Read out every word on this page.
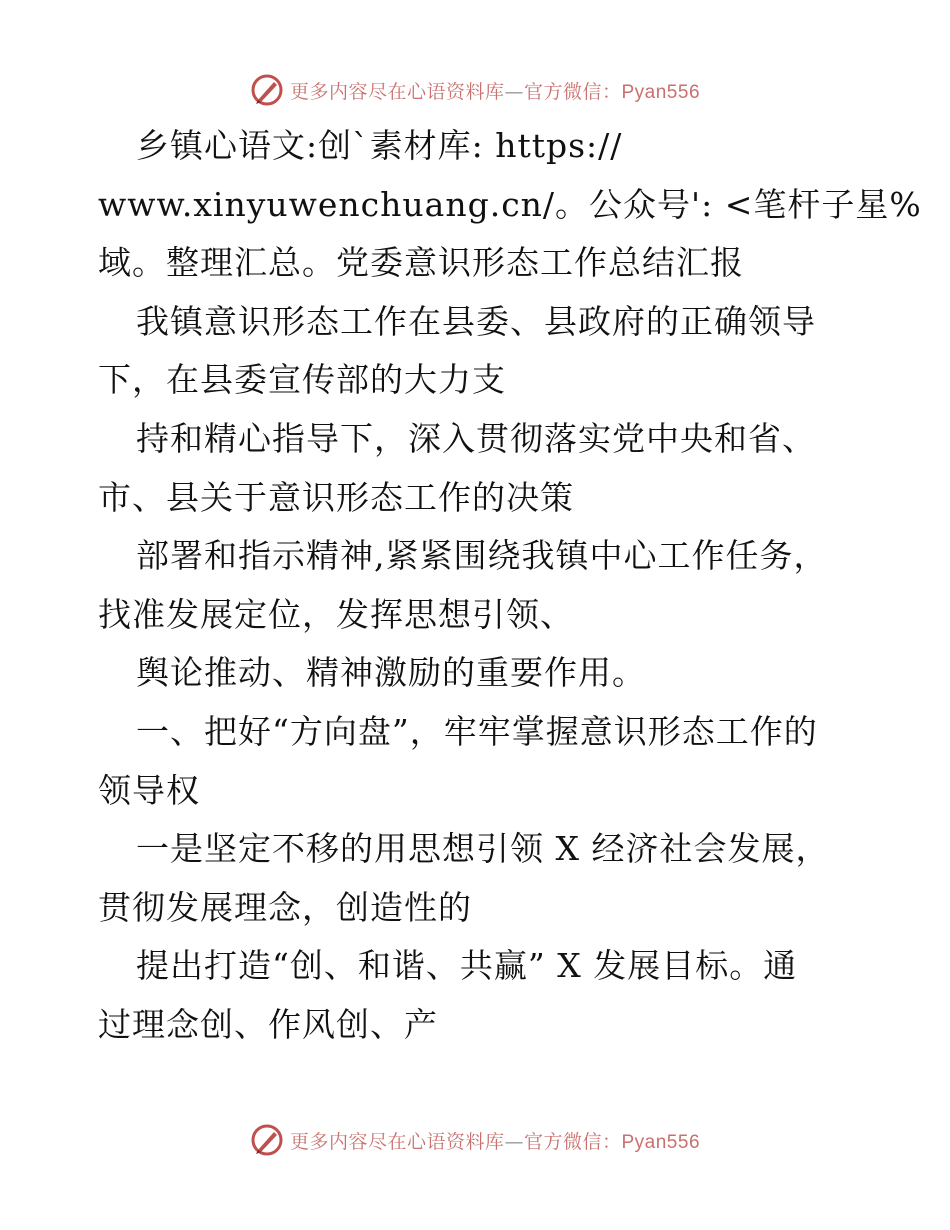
更多内容尽在心语资料库—官方微信：Pyan556
乡镇心语文:创`素材库: https://
www.xinyuwenchuang.cn/。公众号': <笔杆子星%
域。整理汇总。党委意识形态工作总结汇报
我镇意识形态工作在县委、县政府的正确领导
下，在县委宣传部的大力支
持和精心指导下，深入贯彻落实党中央和省、
市、县关于意识形态工作的决策
部署和指示精神,紧紧围绕我镇中心工作任务，
找准发展定位，发挥思想引领、
舆论推动、精神激励的重要作用。
一、把好“方向盘”，牢牢掌握意识形态工作的
领导权
一是坚定不移的用思想引领 X 经济社会发展，
贯彻发展理念，创造性的
提出打造“创、和谐、共赢” X 发展目标。通
过理念创、作风创、产
更多内容尽在心语资料库—官方微信：Pyan556
